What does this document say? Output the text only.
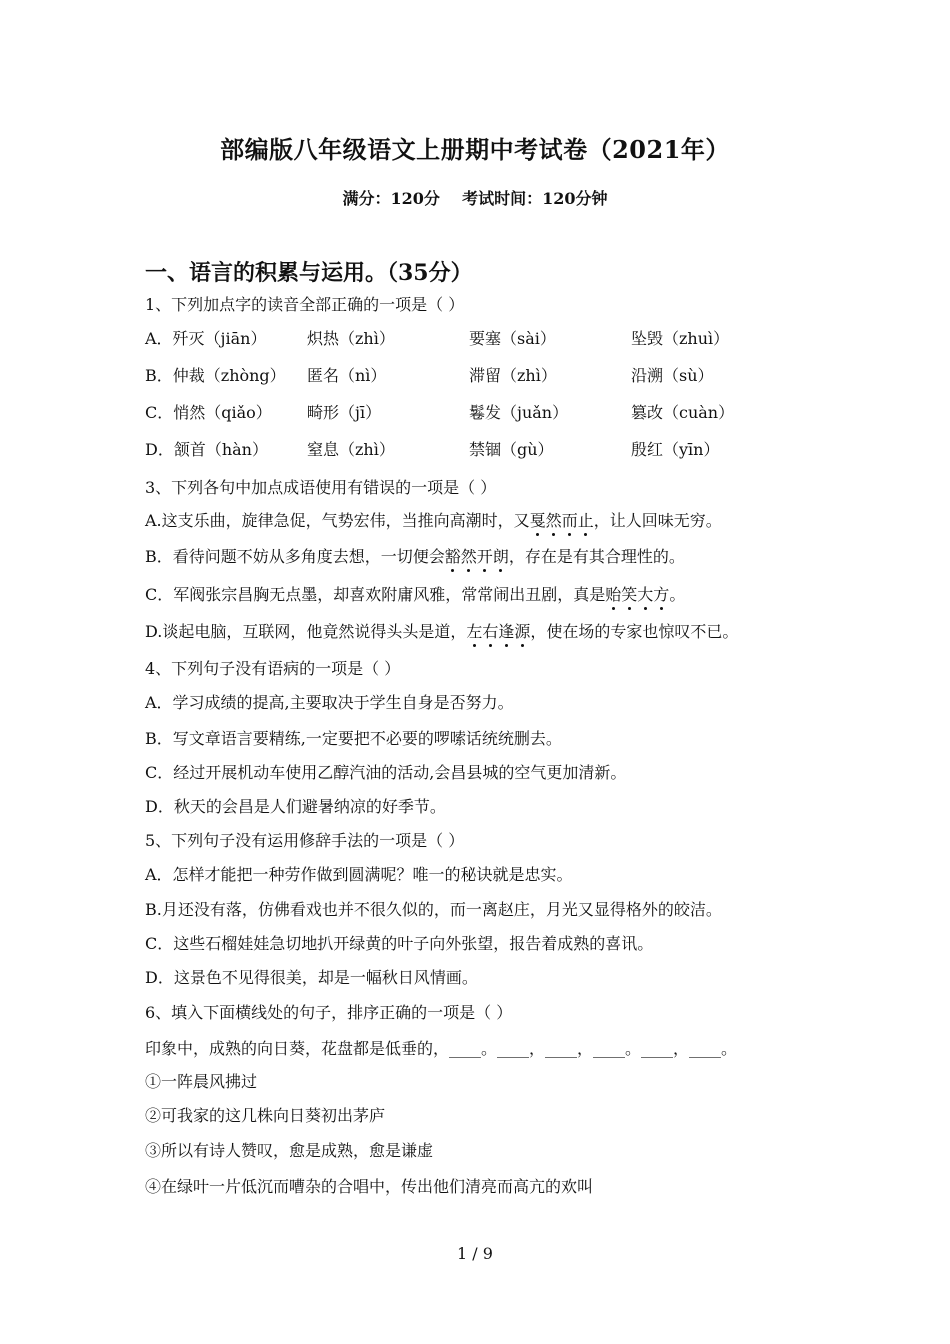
部编版八年级语文上册期中考试卷（2021年）
满分：120分    考试时间：120分钟
一、语言的积累与运用。（35分）
1、下列加点字的读音全部正确的一项是（ ）
A．歼灭（jiān）	炽热（zhì）	要塞（sài）	坠毁（zhuì）
B．仲裁（zhòng）	匿名（nì）	滞留（zhì）	沿溯（sù）
C．悄然（qiǎo）	畸形（jī）	鬈发（juǎn）	篡改（cuàn）
D．颔首（hàn）	窒息（zhì）	禁锢（gù）	殷红（yīn）
3、下列各句中加点成语使用有错误的一项是（ ）
A.这支乐曲，旋律急促，气势宏伟，当推向高潮时，又戛然而止，让人回味无穷。
B．看待问题不妨从多角度去想，一切便会豁然开朗，存在是有其合理性的。
C．军阀张宗昌胸无点墨，却喜欢附庸风雅，常常闹出丑剧，真是贻笑大方。
D.谈起电脑，互联网，他竟然说得头头是道，左右逢源，使在场的专家也惊叹不已。
4、下列句子没有语病的一项是（ ）
A．学习成绩的提高,主要取决于学生自身是否努力。
B．写文章语言要精练,一定要把不必要的啰嗦话统统删去。
C．经过开展机动车使用乙醇汽油的活动,会昌县城的空气更加清新。
D．秋天的会昌是人们避暑纳凉的好季节。
5、下列句子没有运用修辞手法的一项是（ ）
A．怎样才能把一种劳作做到圆满呢？唯一的秘诀就是忠实。
B.月还没有落，仿佛看戏也并不很久似的，而一离赵庄，月光又显得格外的皎洁。
C．这些石榴娃娃急切地扒开绿黄的叶子向外张望，报告着成熟的喜讯。
D．这景色不见得很美，却是一幅秋日风情画。
6、填入下面横线处的句子，排序正确的一项是（ ）
印象中，成熟的向日葵，花盘都是低垂的，____。____，____，____。____，____。
①一阵晨风拂过
②可我家的这几株向日葵初出茅庐
③所以有诗人赞叹，愈是成熟，愈是谦虚
④在绿叶一片低沉而嘈杂的合唱中，传出他们清亮而高亢的欢叫
1 / 9
